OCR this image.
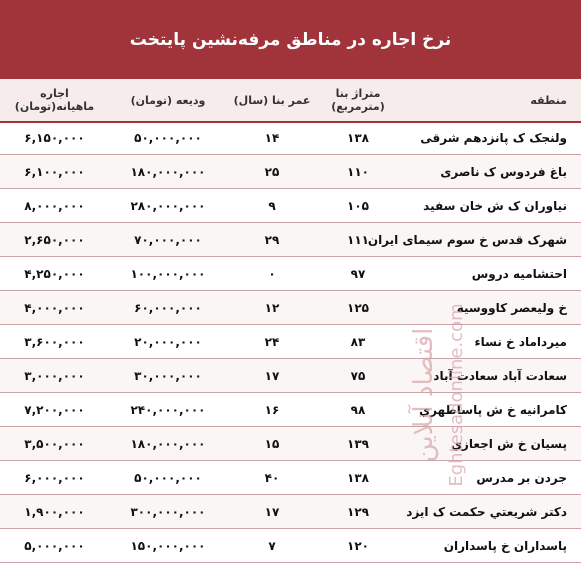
نرخ اجاره در مناطق مرفه‌نشین پایتخت
منطقه
متراژ بنا (مترمربع)
عمر بنا (سال)
ودیعه (تومان)
اجاره ماهیانه(تومان)
ولنجک ک پانزدهم شرقی
۱۳۸
۱۴
۵۰,۰۰۰,۰۰۰
۶,۱۵۰,۰۰۰
باغ فردوس ک ناصری
۱۱۰
۲۵
۱۸۰,۰۰۰,۰۰۰
۶,۱۰۰,۰۰۰
نیاوران ک ش خان سفید
۱۰۵
۹
۲۸۰,۰۰۰,۰۰۰
۸,۰۰۰,۰۰۰
شهرک قدس خ سوم سیمای ایران
۱۱۱
۲۹
۷۰,۰۰۰,۰۰۰
۲,۶۵۰,۰۰۰
احتشامیه دروس
۹۷
۰
۱۰۰,۰۰۰,۰۰۰
۴,۲۵۰,۰۰۰
خ ولیعصر کاووسیه
۱۲۵
۱۲
۶۰,۰۰۰,۰۰۰
۴,۰۰۰,۰۰۰
میرداماد خ نساء
۸۳
۲۴
۲۰,۰۰۰,۰۰۰
۳,۶۰۰,۰۰۰
سعادت آباد سعادت آباد
۷۵
۱۷
۳۰,۰۰۰,۰۰۰
۳,۰۰۰,۰۰۰
کامرانیه خ ش پاساطهري
۹۸
۱۶
۲۴۰,۰۰۰,۰۰۰
۷,۲۰۰,۰۰۰
پسیان خ ش اجعازي
۱۳۹
۱۵
۱۸۰,۰۰۰,۰۰۰
۳,۵۰۰,۰۰۰
جردن بر مدرس
۱۳۸
۴۰
۵۰,۰۰۰,۰۰۰
۶,۰۰۰,۰۰۰
دکتر شریعتي حکمت ک ایزد
۱۲۹
۱۷
۳۰۰,۰۰۰,۰۰۰
۱,۹۰۰,۰۰۰
پاسداران خ پاسداران
۱۲۰
۷
۱۵۰,۰۰۰,۰۰۰
۵,۰۰۰,۰۰۰
اقتصاد آنلاین Eghtesadonline.com
